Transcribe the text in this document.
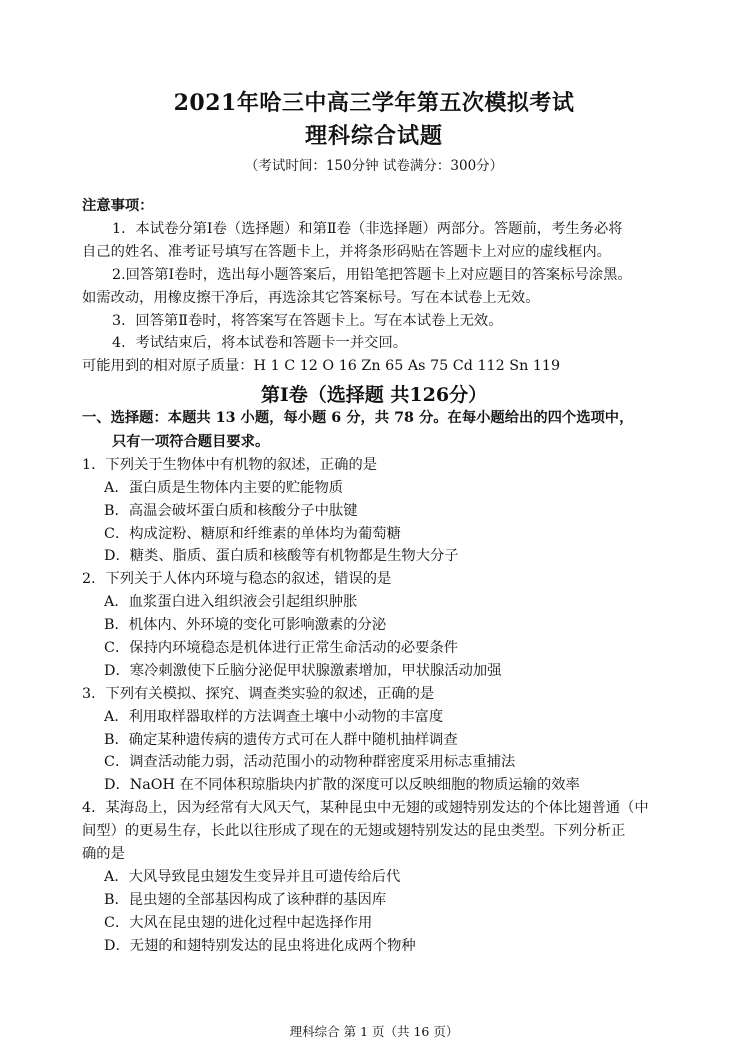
2021年哈三中高三学年第五次模拟考试
理科综合试题
（考试时间：150分钟 试卷满分：300分）
注意事项：
1．本试卷分第Ⅰ卷（选择题）和第Ⅱ卷（非选择题）两部分。答题前，考生务必将
自己的姓名、准考证号填写在答题卡上，并将条形码贴在答题卡上对应的虚线框内。
2.回答第Ⅰ卷时，选出每小题答案后，用铅笔把答题卡上对应题目的答案标号涂黑。
如需改动，用橡皮擦干净后，再选涂其它答案标号。写在本试卷上无效。
3．回答第Ⅱ卷时，将答案写在答题卡上。写在本试卷上无效。
4．考试结束后，将本试卷和答题卡一并交回。
可能用到的相对原子质量：H 1 C 12 O 16 Zn 65 As 75 Cd 112 Sn 119
第Ⅰ卷（选择题 共126分）
一、选择题：本题共 13 小题，每小题 6 分，共 78 分。在每小题给出的四个选项中，
只有一项符合题目要求。
1．下列关于生物体中有机物的叙述，正确的是
A．蛋白质是生物体内主要的贮能物质
B．高温会破坏蛋白质和核酸分子中肽键
C．构成淀粉、糖原和纤维素的单体均为葡萄糖
D．糖类、脂质、蛋白质和核酸等有机物都是生物大分子
2．下列关于人体内环境与稳态的叙述，错误的是
A．血浆蛋白进入组织液会引起组织肿胀
B．机体内、外环境的变化可影响激素的分泌
C．保持内环境稳态是机体进行正常生命活动的必要条件
D．寒冷刺激使下丘脑分泌促甲状腺激素增加，甲状腺活动加强
3．下列有关模拟、探究、调查类实验的叙述，正确的是
A．利用取样器取样的方法调查土壤中小动物的丰富度
B．确定某种遗传病的遗传方式可在人群中随机抽样调查
C．调查活动能力弱，活动范围小的动物种群密度采用标志重捕法
D．NaOH 在不同体积琼脂块内扩散的深度可以反映细胞的物质运输的效率
4．某海岛上，因为经常有大风天气，某种昆虫中无翅的或翅特别发达的个体比翅普通（中
间型）的更易生存，长此以往形成了现在的无翅或翅特别发达的昆虫类型。下列分析正
确的是
A．大风导致昆虫翅发生变异并且可遗传给后代
B．昆虫翅的全部基因构成了该种群的基因库
C．大风在昆虫翅的进化过程中起选择作用
D．无翅的和翅特别发达的昆虫将进化成两个物种
理科综合 第 1 页（共 16 页）
